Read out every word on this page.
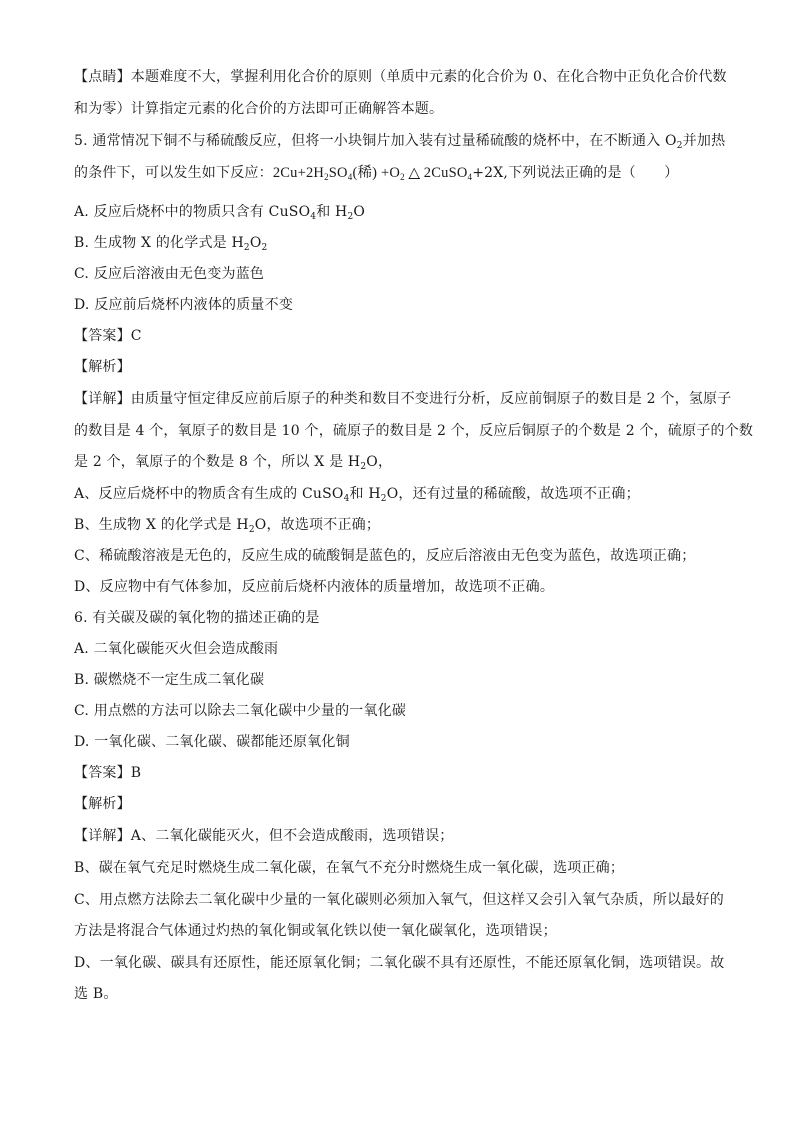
【点睛】本题难度不大，掌握利用化合价的原则（单质中元素的化合价为 0、在化合物中正负化合价代数
和为零）计算指定元素的化合价的方法即可正确解答本题。
5. 通常情况下铜不与稀硫酸反应，但将一小块铜片加入装有过量稀硫酸的烧杯中，在不断通入 $O_2$并加热
的条件下，可以发生如下反应：$2Cu+2H_2SO_4$(稀) $+O_2$ △ 2CuSO$_4$+2X,下列说法正确的是（　　）
A. 反应后烧杯中的物质只含有 CuSO$_4$和 $H_2O$
B. 生成物 X 的化学式是 $H_2O_2$
C. 反应后溶液由无色变为蓝色
D. 反应前后烧杯内液体的质量不变
【答案】C
【解析】
【详解】由质量守恒定律反应前后原子的种类和数目不变进行分析，反应前铜原子的数目是 2 个，氢原子
的数目是 4 个，氧原子的数目是 10 个，硫原子的数目是 2 个，反应后铜原子的个数是 2 个，硫原子的个数
是 2 个，氧原子的个数是 8 个，所以 X 是 $H_2O$，
A、反应后烧杯中的物质含有生成的 CuSO$_4$和 $H_2O$，还有过量的稀硫酸，故选项不正确；
B、生成物 X 的化学式是 $H_2O$，故选项不正确；
C、稀硫酸溶液是无色的，反应生成的硫酸铜是蓝色的，反应后溶液由无色变为蓝色，故选项正确；
D、反应物中有气体参加，反应前后烧杯内液体的质量增加，故选项不正确。
6. 有关碳及碳的氧化物的描述正确的是
A. 二氧化碳能灭火但会造成酸雨
B. 碳燃烧不一定生成二氧化碳
C. 用点燃的方法可以除去二氧化碳中少量的一氧化碳
D. 一氧化碳、二氧化碳、碳都能还原氧化铜
【答案】B
【解析】
【详解】A、二氧化碳能灭火，但不会造成酸雨，选项错误；
B、碳在氧气充足时燃烧生成二氧化碳，在氧气不充分时燃烧生成一氧化碳，选项正确；
C、用点燃方法除去二氧化碳中少量的一氧化碳则必须加入氧气，但这样又会引入氧气杂质，所以最好的
方法是将混合气体通过灼热的氧化铜或氧化铁以使一氧化碳氧化，选项错误；
D、一氧化碳、碳具有还原性，能还原氧化铜；二氧化碳不具有还原性，不能还原氧化铜，选项错误。故
选 B。
